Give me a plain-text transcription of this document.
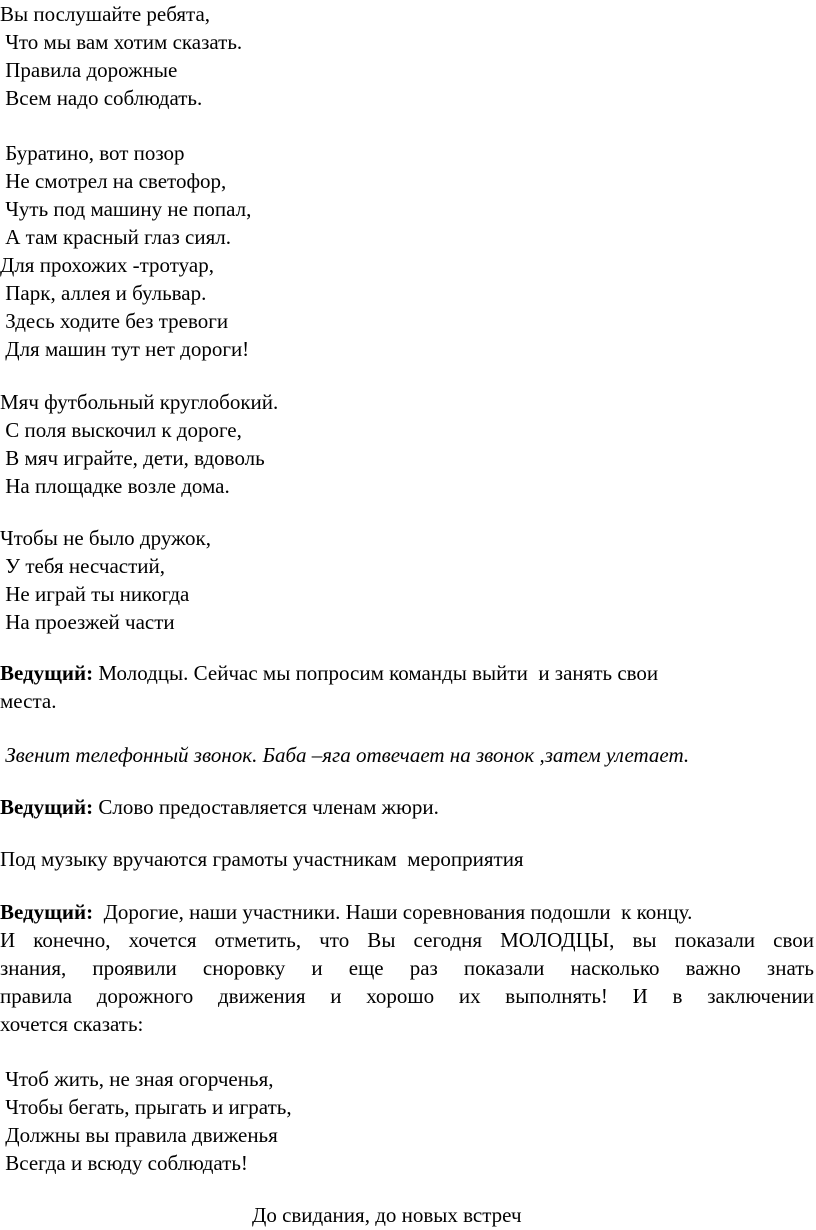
Вы послушайте ребята,
Что мы вам хотим сказать.
Правила дорожные
Всем надо соблюдать.
Буратино, вот позор
Не смотрел на светофор,
Чуть под машину не попал,
А там красный глаз сиял.
Для прохожих -тротуар,
Парк, аллея и бульвар.
Здесь ходите без тревоги
Для машин тут нет дороги!
Мяч футбольный круглобокий.
С поля выскочил к дороге,
В мяч играйте, дети, вдоволь
На площадке возле дома.
Чтобы не было дружок,
У тебя несчастий,
Не играй ты никогда
На проезжей части
Ведущий: Молодцы. Сейчас мы попросим команды выйти  и занять свои
места.
Звенит телефонный звонок. Баба –яга отвечает на звонок ,затем улетает.
Ведущий: Слово предоставляется членам жюри.
Под музыку вручаются грамоты участникам  мероприятия
Ведущий:  Дорогие, наши участники. Наши соревнования подошли  к концу.
И конечно, хочется отметить, что Вы сегодня МОЛОДЦЫ, вы показали свои
знания, проявили сноровку и еще раз показали насколько важно знать
правила дорожного движения и хорошо их выполнять! И в заключении
хочется сказать:
Чтоб жить, не зная огорченья,
Чтобы бегать, прыгать и играть,
Должны вы правила движенья
Всегда и всюду соблюдать!
До свидания, до новых встреч
